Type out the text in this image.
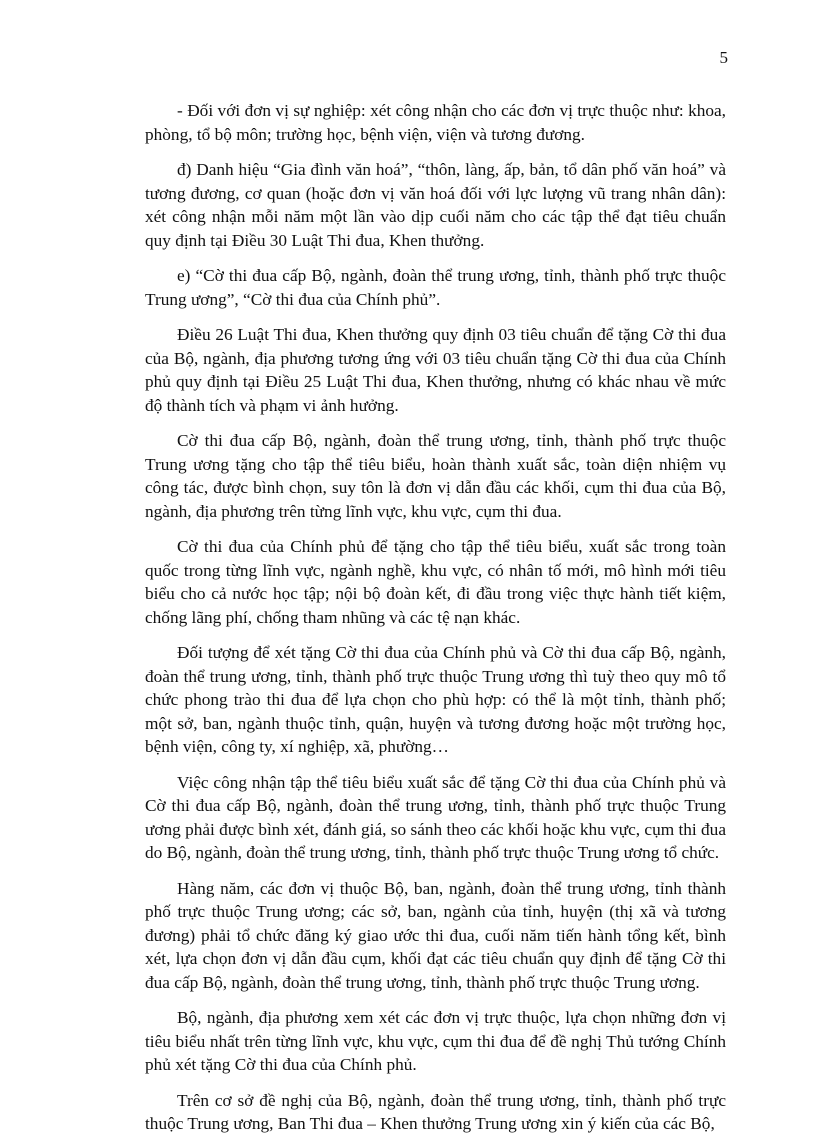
5

- Đối với đơn vị sự nghiệp: xét công nhận cho các đơn vị trực thuộc như: khoa, phòng, tổ bộ môn; trường học, bệnh viện, viện và tương đương.

đ) Danh hiệu “Gia đình văn hoá”, “thôn, làng, ấp, bản, tổ dân phố văn hoá” và tương đương, cơ quan (hoặc đơn vị văn hoá đối với lực lượng vũ trang nhân dân): xét công nhận mỗi năm một lần vào dịp cuối năm cho các tập thể đạt tiêu chuẩn quy định tại Điều 30 Luật Thi đua, Khen thưởng.

e) “Cờ thi đua cấp Bộ, ngành, đoàn thể trung ương, tỉnh, thành phố trực thuộc Trung ương”, “Cờ thi đua của Chính phủ”.

Điều 26 Luật Thi đua, Khen thưởng quy định 03 tiêu chuẩn để tặng Cờ thi đua của Bộ, ngành, địa phương tương ứng với 03 tiêu chuẩn tặng Cờ thi đua của Chính phủ quy định tại Điều 25 Luật Thi đua, Khen thưởng, nhưng có khác nhau về mức độ thành tích và phạm vi ảnh hưởng.

Cờ thi đua cấp Bộ, ngành, đoàn thể trung ương, tỉnh, thành phố trực thuộc Trung ương tặng cho tập thể tiêu biểu, hoàn thành xuất sắc, toàn diện nhiệm vụ công tác, được bình chọn, suy tôn là đơn vị dẫn đầu các khối, cụm thi đua của Bộ, ngành, địa phương trên từng lĩnh vực, khu vực, cụm thi đua.

Cờ thi đua của Chính phủ để tặng cho tập thể tiêu biểu, xuất sắc trong toàn quốc trong từng lĩnh vực, ngành nghề, khu vực, có nhân tố mới, mô hình mới tiêu biểu cho cả nước học tập; nội bộ đoàn kết, đi đầu trong việc thực hành tiết kiệm, chống lãng phí, chống tham nhũng và các tệ nạn khác.

Đối tượng để xét tặng Cờ thi đua của Chính phủ và Cờ thi đua cấp Bộ, ngành, đoàn thể trung ương, tỉnh, thành phố trực thuộc Trung ương thì tuỳ theo quy mô tổ chức phong trào thi đua để lựa chọn cho phù hợp: có thể là một tỉnh, thành phố; một sở, ban, ngành thuộc tỉnh, quận, huyện và tương đương hoặc một trường học, bệnh viện, công ty, xí nghiệp, xã, phường…

Việc công nhận tập thể tiêu biểu xuất sắc để tặng Cờ thi đua của Chính phủ và Cờ thi đua cấp Bộ, ngành, đoàn thể trung ương, tỉnh, thành phố trực thuộc Trung ương phải được bình xét, đánh giá, so sánh theo các khối hoặc khu vực, cụm thi đua do Bộ, ngành, đoàn thể trung ương, tỉnh, thành phố trực thuộc Trung ương tổ chức.

Hàng năm, các đơn vị thuộc Bộ, ban, ngành, đoàn thể trung ương, tỉnh thành phố trực thuộc Trung ương; các sở, ban, ngành của tỉnh, huyện (thị xã và tương đương) phải tổ chức đăng ký giao ước thi đua, cuối năm tiến hành tổng kết, bình xét, lựa chọn đơn vị dẫn đầu cụm, khối đạt các tiêu chuẩn quy định để tặng Cờ thi đua cấp Bộ, ngành, đoàn thể trung ương, tỉnh, thành phố trực thuộc Trung ương.

Bộ, ngành, địa phương xem xét các đơn vị trực thuộc, lựa chọn những đơn vị tiêu biểu nhất trên từng lĩnh vực, khu vực, cụm thi đua để đề nghị Thủ tướng Chính phủ xét tặng Cờ thi đua của Chính phủ.

Trên cơ sở đề nghị của Bộ, ngành, đoàn thể trung ương, tỉnh, thành phố trực thuộc Trung ương, Ban Thi đua – Khen thưởng Trung ương xin ý kiến của các Bộ,
